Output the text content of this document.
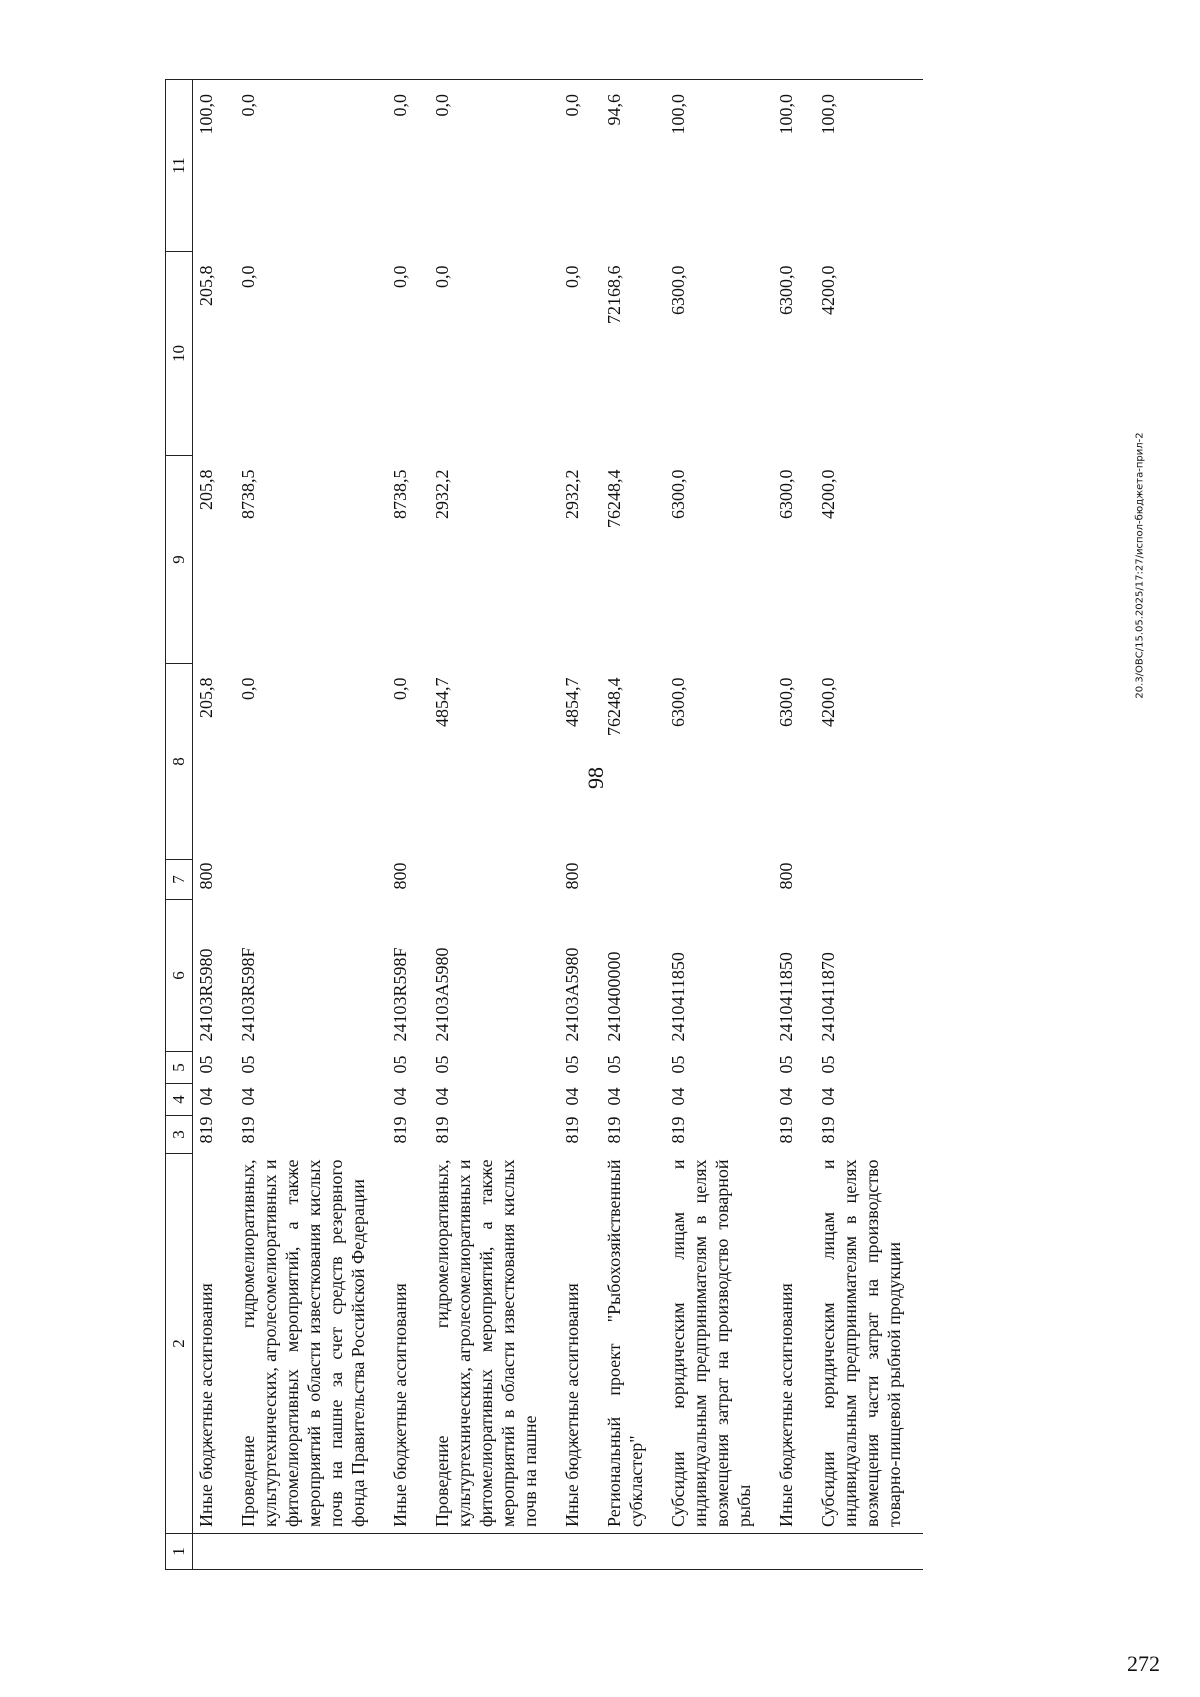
98
1	2	3	4	5	6	7	8	9	10	11
	Иные бюджетные ассигнования	819	04	05	24103R5980	800	205,8	205,8	205,8	100,0
	Проведение гидромелиоративных, культуртехнических, агролесомелиоративных и фитомелиоративных мероприятий, а также мероприятий в области известкования кислых почв на пашне за счет средств резервного фонда Правительства Российской Федерации	819	04	05	24103R598F		0,0	8738,5	0,0	0,0
	Иные бюджетные ассигнования	819	04	05	24103R598F	800	0,0	8738,5	0,0	0,0
	Проведение гидромелиоративных, культуртехнических, агролесомелиоративных и фитомелиоративных мероприятий, а также мероприятий в области известкования кислых почв на пашне	819	04	05	24103A5980		4854,7	2932,2	0,0	0,0
	Иные бюджетные ассигнования	819	04	05	24103A5980	800	4854,7	2932,2	0,0	0,0
	Региональный проект "Рыбохозяйственный субкластер"	819	04	05	2410400000		76248,4	76248,4	72168,6	94,6
	Субсидии юридическим лицам и индивидуальным предпринимателям в целях возмещения затрат на производство товарной рыбы	819	04	05	2410411850		6300,0	6300,0	6300,0	100,0
	Иные бюджетные ассигнования	819	04	05	2410411850	800	6300,0	6300,0	6300,0	100,0
	Субсидии юридическим лицам и индивидуальным предпринимателям в целях возмещения части затрат на производство товарно-пищевой рыбной продукции	819	04	05	2410411870		4200,0	4200,0	4200,0	100,0
20.3/ОВС/15.05.2025/17:27/испол-бюджета-прил-2
272
